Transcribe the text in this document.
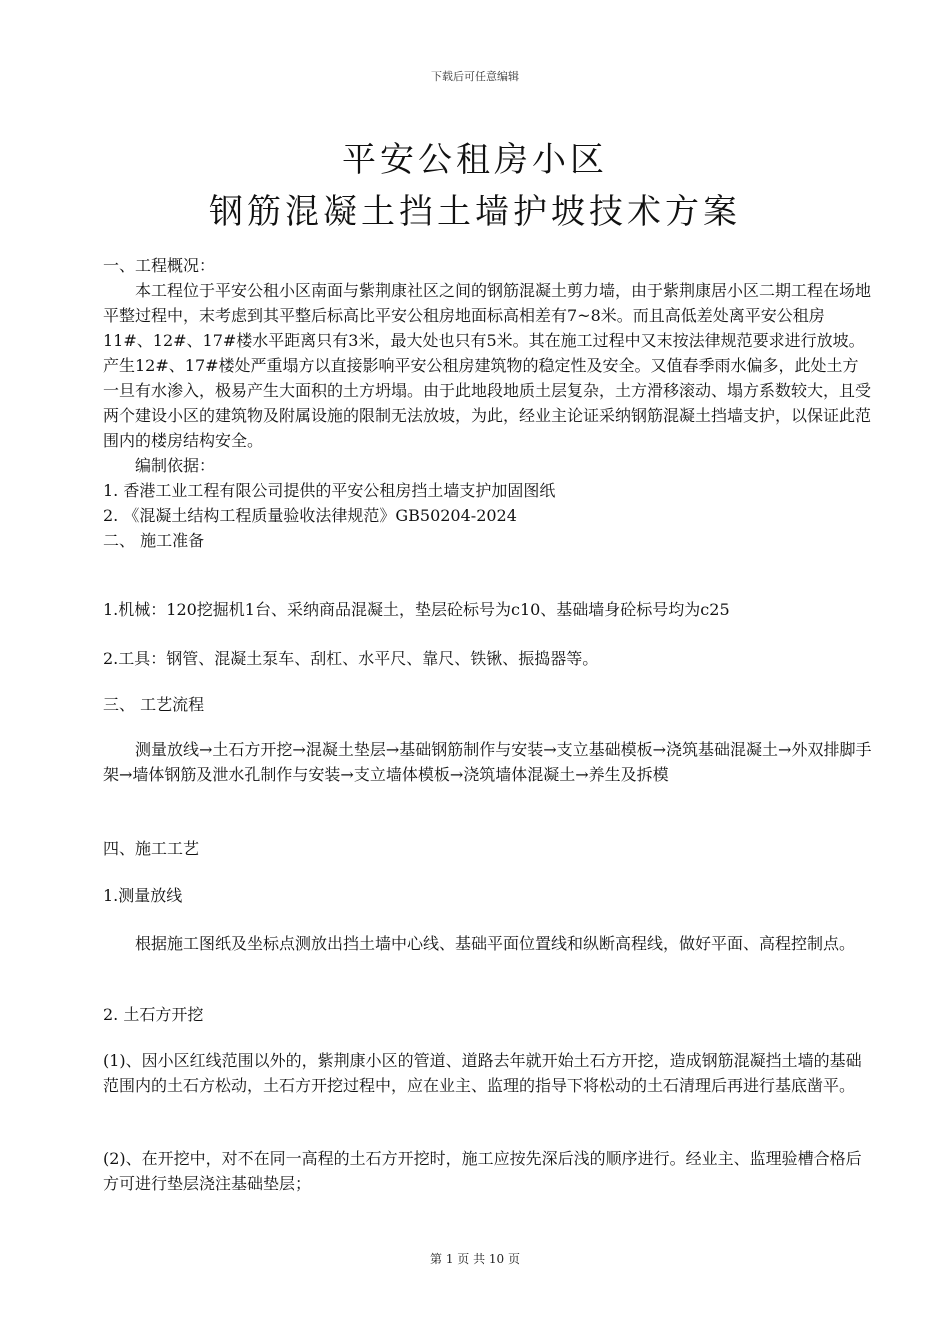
下载后可任意编辑
平安公租房小区
钢筋混凝土挡土墙护坡技术方案

一、工程概况：

本工程位于平安公租小区南面与紫荆康社区之间的钢筋混凝土剪力墙，由于紫荆康居小区二期工程在场地平整过程中，末考虑到其平整后标高比平安公租房地面标高相差有7~8米。而且高低差处离平安公租房11#、12#、17#楼水平距离只有3米，最大处也只有5米。其在施工过程中又末按法律规范要求进行放坡。产生12#、17#楼处严重塌方以直接影响平安公租房建筑物的稳定性及安全。又值春季雨水偏多，此处土方一旦有水渗入，极易产生大面积的土方坍塌。由于此地段地质土层复杂，土方滑移滚动、塌方系数较大，且受两个建设小区的建筑物及附属设施的限制无法放坡，为此，经业主论证采纳钢筋混凝土挡墙支护，以保证此范围内的楼房结构安全。

编制依据：

1. 香港工业工程有限公司提供的平安公租房挡土墙支护加固图纸

2. 《混凝土结构工程质量验收法律规范》GB50204-2024

二、 施工准备

1.机械：120挖掘机1台、采纳商品混凝土，垫层砼标号为c10、基础墙身砼标号均为c25
2.工具：钢管、混凝土泵车、刮杠、水平尺、靠尺、铁锹、振捣器等。
三、 工艺流程

测量放线→土石方开挖→混凝土垫层→基础钢筋制作与安装→支立基础模板→浇筑基础混凝土→外双排脚手架→墙体钢筋及泄水孔制作与安装→支立墙体模板→浇筑墙体混凝土→养生及拆模

四、施工工艺
1.测量放线

根据施工图纸及坐标点测放出挡土墙中心线、基础平面位置线和纵断高程线，做好平面、高程控制点。

2. 土石方开挖
(1)、因小区红线范围以外的，紫荆康小区的管道、道路去年就开始土石方开挖，造成钢筋混凝挡土墙的基础范围内的土石方松动，土石方开挖过程中，应在业主、监理的指导下将松动的土石清理后再进行基底凿平。
(2)、在开挖中，对不在同一高程的土石方开挖时，施工应按先深后浅的顺序进行。经业主、监理验槽合格后方可进行垫层浇注基础垫层；
第 1 页 共 10 页
